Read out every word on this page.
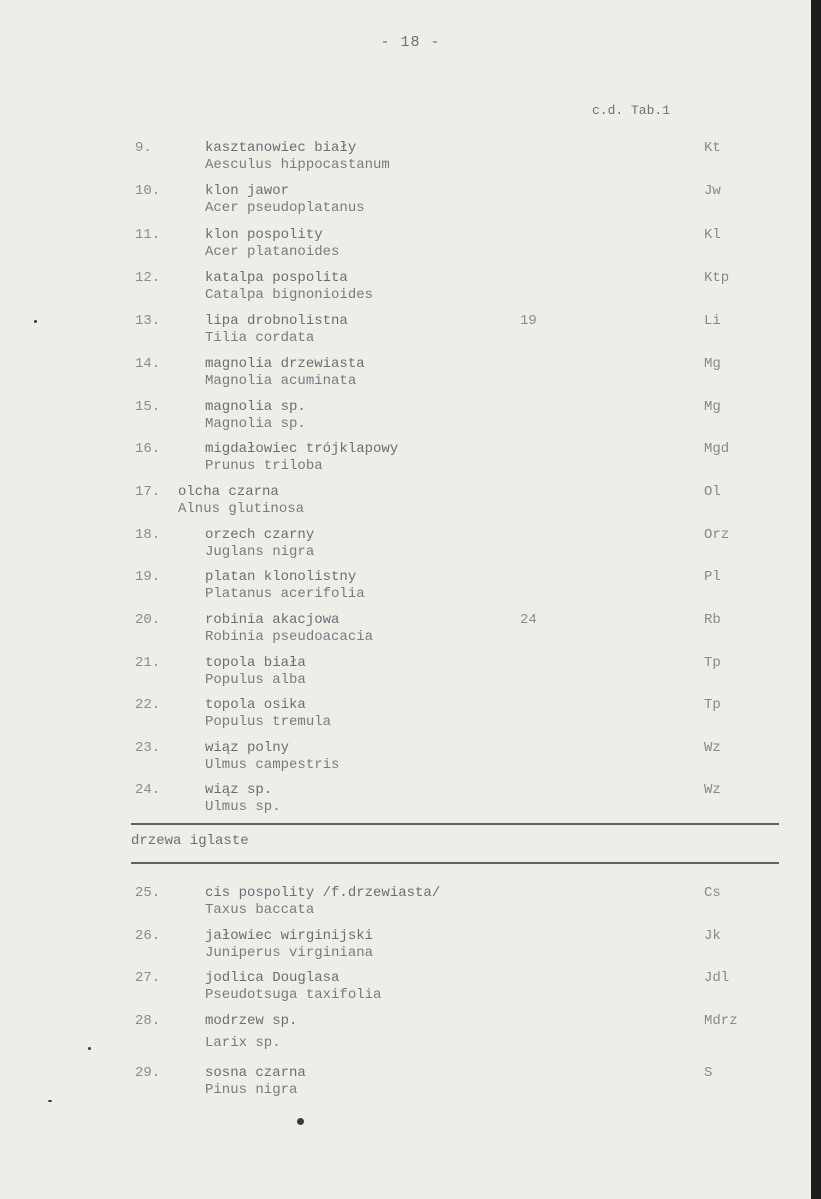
- 18 -
c.d. Tab.1
9.	kasztanowiec biały
Aesculus hippocastanum
Kt
10.	klon jawor
Acer pseudoplatanus
Jw
11.	klon pospolity
Acer platanoides
Kl
12.	katalpa pospolita
Catalpa bignonioides
Ktp
13.	lipa drobnolistna
Tilia cordata
19	Li
14.	magnolia drzewiasta
Magnolia acuminata
Mg
15.	magnolia sp.
Magnolia sp.
Mg
16.	migdałowiec trójklapowy
Prunus triloba
Mgd
17. olcha czarna
Alnus glutinosa
Ol
18.	orzech czarny
Juglans nigra
Orz
19.	platan klonolistny
Platanus acerifolia
Pl
20.	robinia akacjowa
Robinia pseudoacacia
24	Rb
21.	topola biała
Populus alba
Tp
22.	topola osika
Populus tremula
Tp
23.	wiąz polny
Ulmus campestris
Wz
24.	wiąz sp.
Ulmus sp.
Wz
drzewa iglaste
25.	cis pospolity /f.drzewiasta/
Taxus baccata
Cs
26.	jałowiec wirginijski
Juniperus virginiana
Jk
27.	jodlica Douglasa
Pseudotsuga taxifolia
Jdl
28.	modrzew sp.
Larix sp.
Mdrz
29.	sosna czarna
Pinus nigra
S
